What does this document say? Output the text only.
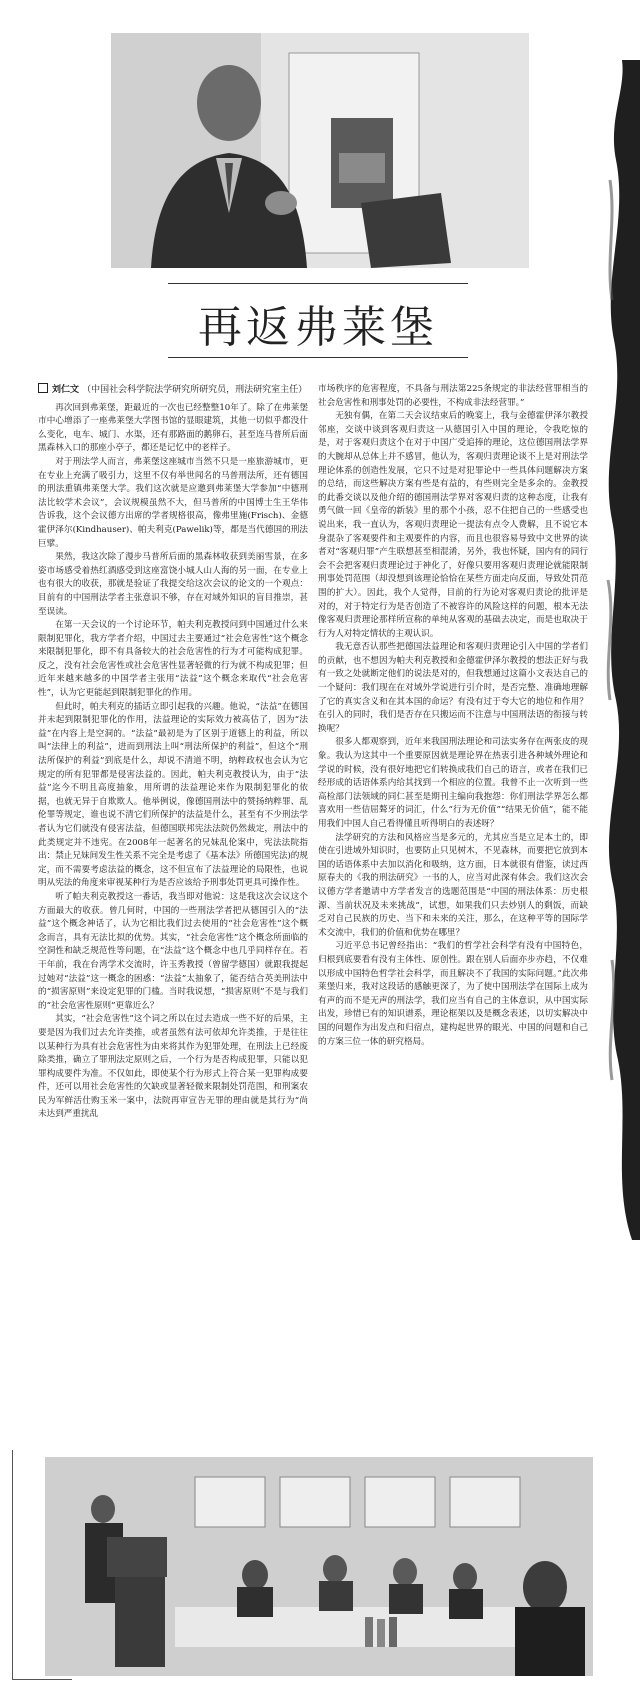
再返弗莱堡

刘仁文 （中国社会科学院法学研究所研究员，刑法研究室主任）

再次回到弗莱堡，距最近的一次也已经整整10年了。除了在弗莱堡市中心增添了一座弗莱堡大学图书馆的显眼建筑，其他一切似乎都没什么变化，电车、城门、水渠，还有那路面的鹅卵石，甚至连马普所后面黑森林入口的那座小亭子，都还是记忆中的老样子。

对于刑法学人而言，弗莱堡这座城市当然不只是一座旅游城市，更在专业上充满了吸引力，这里不仅有举世闻名的马普刑法所，还有德国的刑法重镇弗莱堡大学。我们这次就是应邀到弗莱堡大学参加“中德刑法比较学术会议”，会议规模虽然不大，但马普所的中国博士生王华伟告诉我，这个会议德方出席的学者规格很高，像弗里施(Frisch)、金德霍伊泽尔(Kindhauser)、帕夫利克(Pawelik)等，都是当代德国的刑法巨擘。

果然，我这次除了漫步马普所后面的黑森林收获到美丽雪景，在多姿市场感受着热红酒感受到这座富饶小城人山人海的另一面，在专业上也有很大的收获，那就是验证了我提交给这次会议的论文的一个观点：目前有的中国刑法学者主张意识不够，存在对域外知识的盲目推崇，甚至误读。

在第一天会议的一个讨论环节，帕夫利克教授问到中国通过什么来限制犯罪化，我方学者介绍，中国过去主要通过“社会危害性”这个概念来限制犯罪化，即不有具备较大的社会危害性的行为才可能构成犯罪。反之，没有社会危害性或社会危害性显著轻微的行为就不构成犯罪；但近年来越来越多的中国学者主张用“法益”这个概念来取代“社会危害性”，认为它更能起到限制犯罪化的作用。

但此时，帕夫利克的插话立即引起我的兴趣。他说，“法益”在德国并未起到限制犯罪化的作用，法益理论的实际效力被高估了，因为“法益”在内容上是空洞的。“法益”最初是为了区别于道德上的利益，所以叫“法律上的利益”，进而到刑法上叫“刑法所保护的利益”，但这个“刑法所保护的利益”到底是什么，却说不清道不明，纳粹政权也会认为它规定的所有犯罪都是侵害法益的。因此，帕夫利克教授认为，由于“法益”迄今不明且高度抽象，用所谓的法益理论来作为限制犯罪化的依据，也就无异于自欺欺人。他举例说，像德国刑法中的赞扬纳粹罪、乱伦罪等规定，谁也说不清它们所保护的法益是什么，甚至有不少刑法学者认为它们就没有侵害法益，但德国联邦宪法法院仍然裁定，刑法中的此类规定并不违宪。在2008年一起著名的兄妹乱伦案中，宪法法院指出：禁止兄妹间发生性关系不完全是考虑了《基本法》所德国宪法)的规定，而不需要考虑法益的概念，这不但宣布了法益理论的局限性，也说明从宪法的角度来审视某种行为是否应该给予刑事处罚更具可操作性。

听了帕夫利克教授这一番话，我当即对他说：这是我这次会议这个方面最大的收获。曾几何时，中国的一些刑法学者把从德国引入的“法益”这个概念神话了，认为它相比我们过去使用的“社会危害性”这个概念而言，具有无法比拟的优势。其实，“社会危害性”这个概念所面临的空洞性和缺乏规范性等问题，在“法益”这个概念中也几乎同样存在。若干年前，我在台湾学术交流时，许玉秀教授（曾留学德国）就跟我提起过她对“法益”这一概念的困惑：“法益”太抽象了，能否结合英美刑法中的“损害原则”来设定犯罪的门槛。当时我说想，“损害原则”不是与我们的“社会危害性原则”更靠近么？

其实，“社会危害性”这个词之所以在过去造成一些不好的后果，主要是因为我们过去允许类推，或者虽然有法可依却允许类推，于是往往以某种行为具有社会危害性为由来将其作为犯罪处理，在刑法上已经废除类推，确立了罪刑法定原则之后，一个行为是否构成犯罪，只能以犯罪构成要件为准。不仅如此，即使某个行为形式上符合某一犯罪构成要件，还可以用社会危害性的欠缺或显著轻微来限制处罚范围，和刑案农民为军鲜活仕购玉米一案中，法院再审宣告无罪的理由就是其行为“尚未达到严重扰乱

市场秩序的危害程度，不具备与刑法第225条规定的非法经营罪相当的社会危害性和刑事处罚的必要性，不构成非法经营罪。”

无独有偶，在第二天会议结束后的晚宴上，我与金德霍伊泽尔教授邻座，交谈中谈到客观归责这一从德国引入中国的理论，令我吃惊的是，对于客观归责这个在对于中国广受追捧的理论，这位德国刑法学界的大腕却从总体上并不感冒，他认为，客观归责理论谈不上是对刑法学理论体系的创造性发展，它只不过是对犯罪论中一些具体问题解决方案的总结，而这些解决方案有些是有益的，有些则完全是多余的。金教授的此番交谈以及他介绍的德国刑法学界对客观归责的这种态度，让我有勇气做一回《皇帝的新装》里的那个小孩，忍不住把自己的一些感受也说出来，我一直认为，客观归责理论一提法有点令人费解，且不说它本身混杂了客观要件和主观要件的内容，而且也很容易导致中文世界的读者对“客观归罪”产生联想甚至相混淆，另外，我也怀疑，国内有的同行会不会把客观归责理论过于神化了，好像只要用客观归责理论就能限制刑事处罚范围（却没想到该理论恰恰在某些方面走向反面，导致处罚范围的扩大）。因此，我个人觉得，目前的行为论对客观归责论的批评是对的，对于特定行为是否创造了不被容许的风险这样的问题，根本无法像客观归责理论那样所宣称的单纯从客观的基础去决定，而是也取决于行为人对特定情状的主观认识。

我无意否认那些把德国法益理论和客观归责理论引入中国的学者们的贡献，也不想因为帕夫利克教授和金德霍伊泽尔教授的想法正好与我有一致之处就断定他们的说法是对的，但我想通过这篇小文表达自己的一个疑问：我们现在在对域外学说进行引介时，是否完整、准确地理解了它的真实含义和在其本国的命运？有没有过于夸大它的地位和作用？在引入的同时，我们是否存在只搬运而不注意与中国刑法语的衔接与转换呢？

很多人都观察到，近年来我国刑法理论和司法实务存在两张皮的现象。我认为这其中一个重要原因就是理论界在热衷引进各种域外理论和学说的时候，没有很好地把它们转换成我们自己的语言，或者在我们已经形成的话语体系内给其找到一个相应的位置。我曾不止一次听到一些高检部门法领域的同仁甚至是期刊主编向我抱怨：你们刑法学界怎么都喜欢用一些佶屈聱牙的词汇，什么“行为无价值”“结果无价值”，能不能用我们中国人自己看得懂且听得明白的表述呀？

法学研究的方法和风格应当是多元的，尤其应当是立足本土的，即使在引进域外知识时，也要防止只见树木，不见森林，而要把它放到本国的话语体系中去加以消化和吸纳，这方面，日本就很有借鉴，读过西原春夫的《我的刑法研究》一书的人，应当对此深有体会。我们这次会议德方学者邀请中方学者发言的选题范围是“中国的刑法体系：历史根源、当前状况及未来挑战”，试想，如果我们只去炒别人的剩饭，而缺乏对自己民族的历史、当下和未来的关注，那么，在这种平等的国际学术交流中，我们的价值和优势在哪里？

习近平总书记曾经指出：“我们的哲学社会科学有没有中国特色，归根到底要看有没有主体性、原创性。跟在别人后面亦步亦趋，不仅难以形成中国特色哲学社会科学，而且解决不了我国的实际问题。”此次弗莱堡归来，我对这段话的感触更深了，为了使中国刑法学在国际上成为有声的而不是无声的刑法学，我们应当有自己的主体意识，从中国实际出发，珍惜已有的知识谱系，理论框架以及是概念表述，以切实解决中国的问题作为出发点和归宿点，建构起世界的眼光、中国的问题和自己的方案三位一体的研究格局。
